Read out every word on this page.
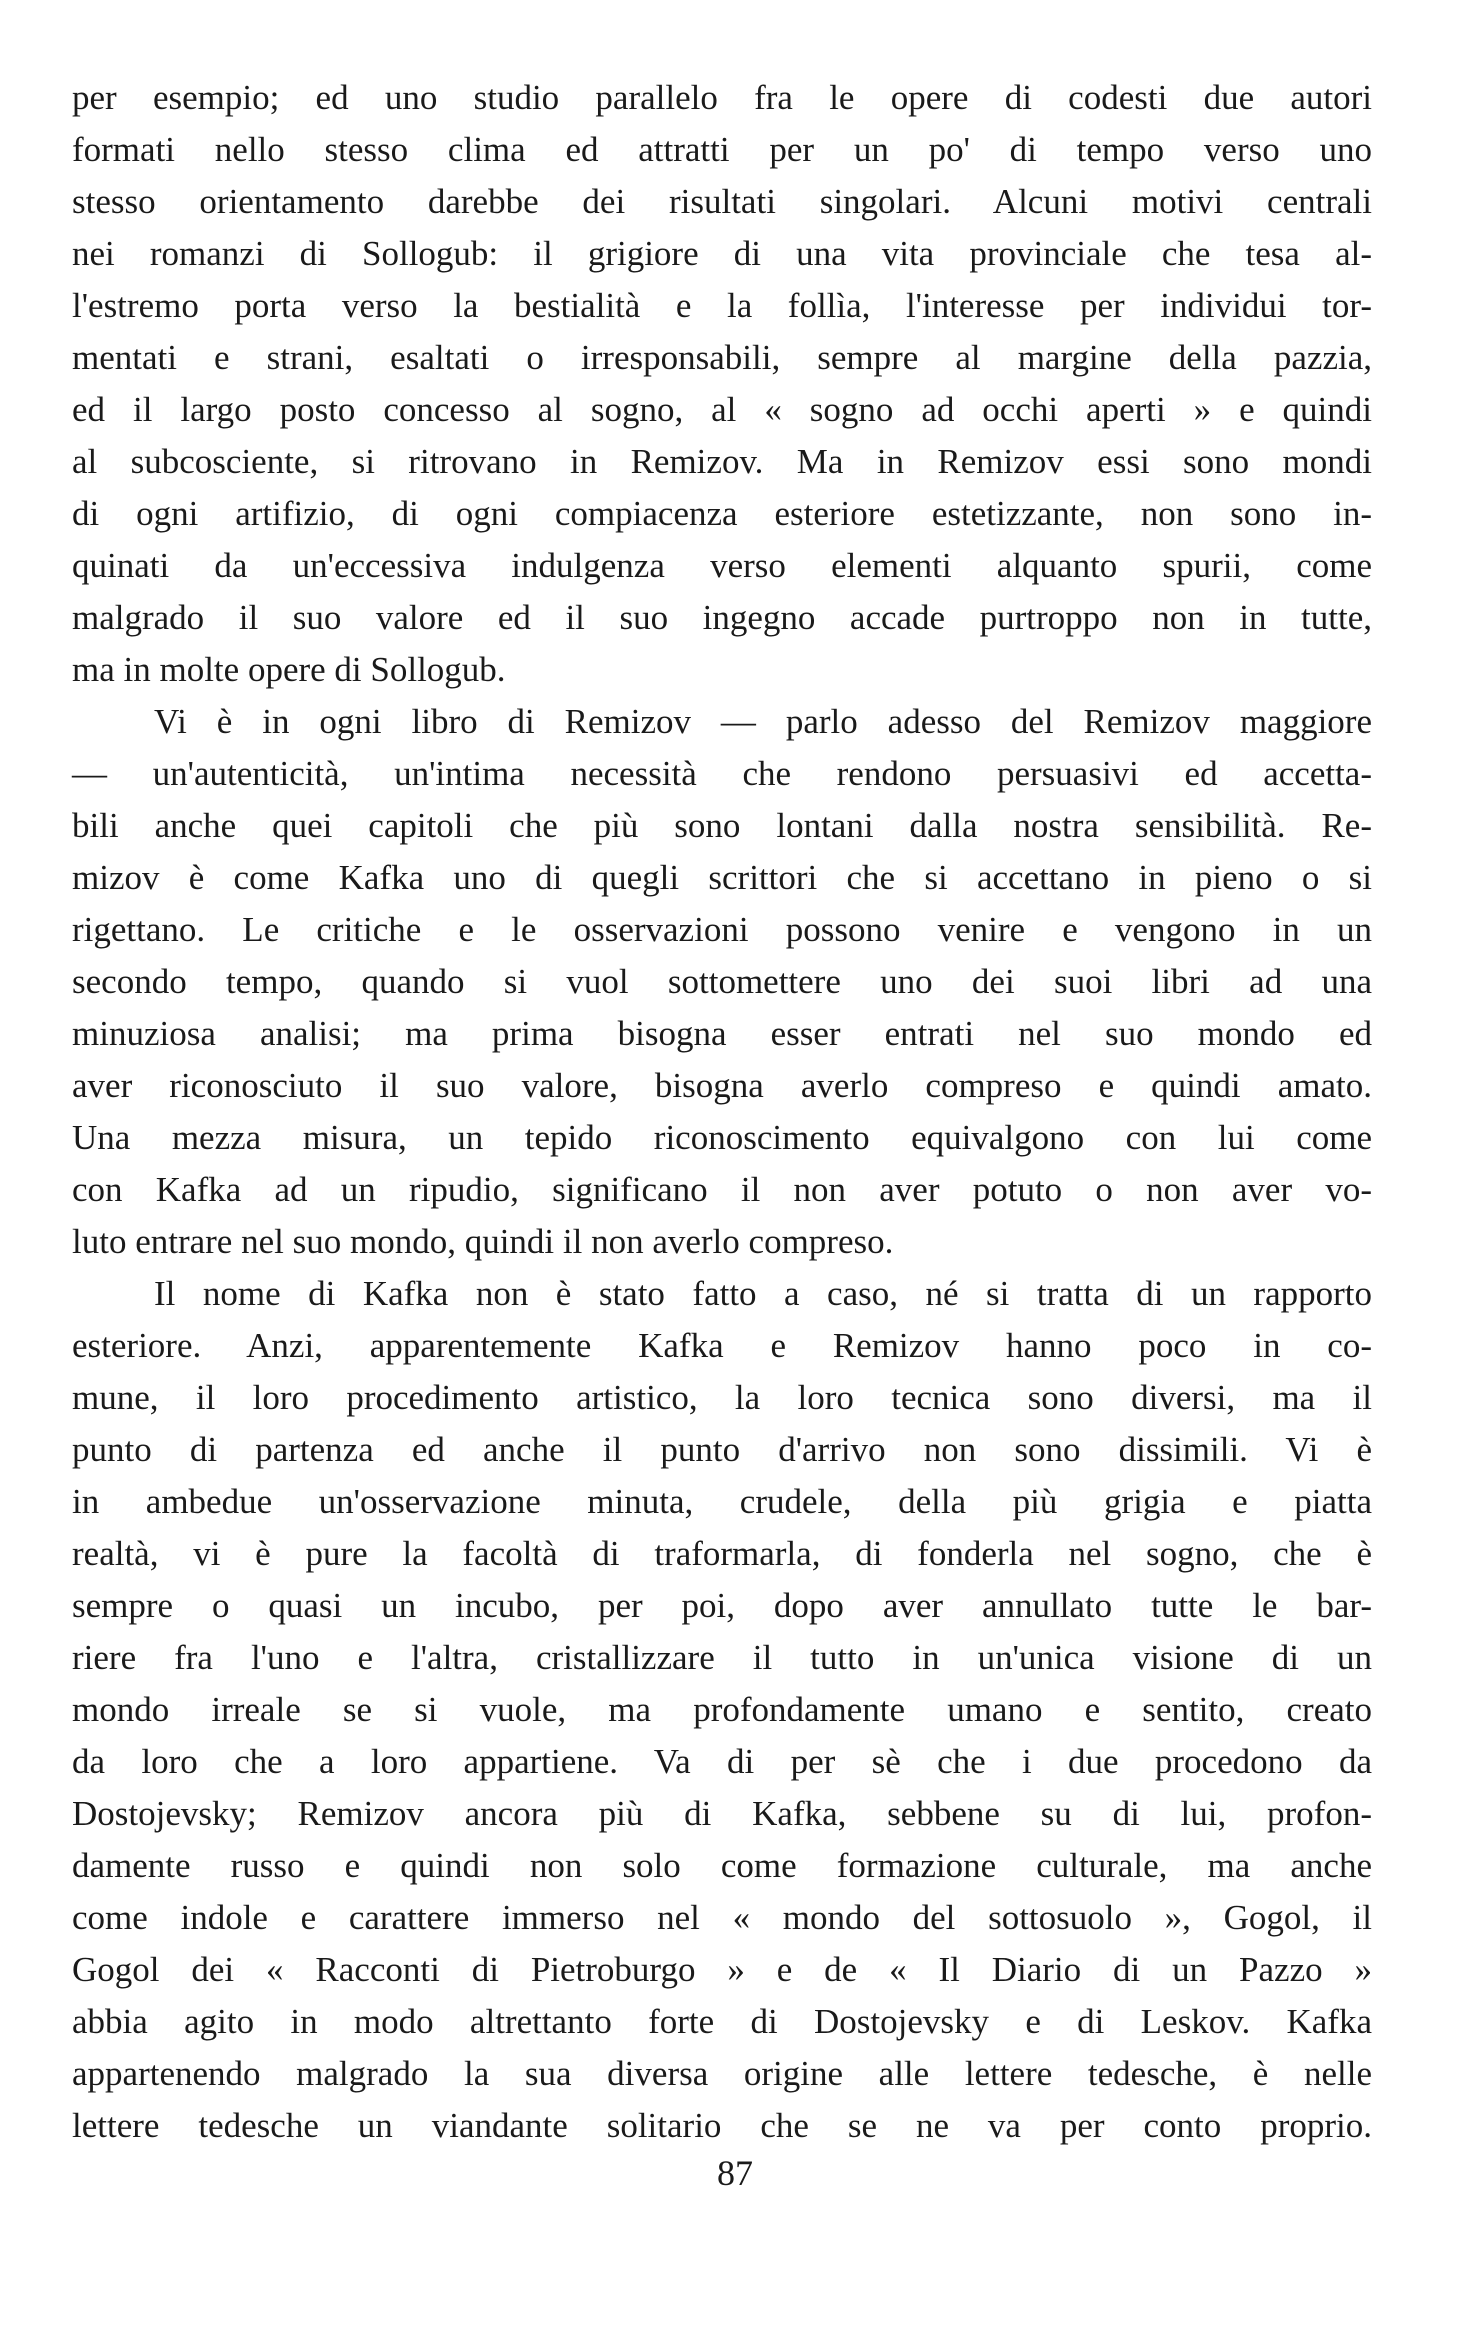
per esempio; ed uno studio parallelo fra le opere di codesti due autori
formati nello stesso clima ed attratti per un po' di tempo verso uno
stesso orientamento darebbe dei risultati singolari. Alcuni motivi centrali
nei romanzi di Sollogub: il grigiore di una vita provinciale che tesa al-
l'estremo porta verso la bestialità e la follìa, l'interesse per individui tor-
mentati e strani, esaltati o irresponsabili, sempre al margine della pazzia,
ed il largo posto concesso al sogno, al « sogno ad occhi aperti » e quindi
al subcosciente, si ritrovano in Remizov. Ma in Remizov essi sono mondi
di ogni artifizio, di ogni compiacenza esteriore estetizzante, non sono in-
quinati da un'eccessiva indulgenza verso elementi alquanto spurii, come
malgrado il suo valore ed il suo ingegno accade purtroppo non in tutte,
ma in molte opere di Sollogub.
Vi è in ogni libro di Remizov — parlo adesso del Remizov maggiore
— un'autenticità, un'intima necessità che rendono persuasivi ed accetta-
bili anche quei capitoli che più sono lontani dalla nostra sensibilità. Re-
mizov è come Kafka uno di quegli scrittori che si accettano in pieno o si
rigettano. Le critiche e le osservazioni possono venire e vengono in un
secondo tempo, quando si vuol sottomettere uno dei suoi libri ad una
minuziosa analisi; ma prima bisogna esser entrati nel suo mondo ed
aver riconosciuto il suo valore, bisogna averlo compreso e quindi amato.
Una mezza misura, un tepido riconoscimento equivalgono con lui come
con Kafka ad un ripudio, significano il non aver potuto o non aver vo-
luto entrare nel suo mondo, quindi il non averlo compreso.
Il nome di Kafka non è stato fatto a caso, né si tratta di un rapporto
esteriore. Anzi, apparentemente Kafka e Remizov hanno poco in co-
mune, il loro procedimento artistico, la loro tecnica sono diversi, ma il
punto di partenza ed anche il punto d'arrivo non sono dissimili. Vi è
in ambedue un'osservazione minuta, crudele, della più grigia e piatta
realtà, vi è pure la facoltà di traformarla, di fonderla nel sogno, che è
sempre o quasi un incubo, per poi, dopo aver annullato tutte le bar-
riere fra l'uno e l'altra, cristallizzare il tutto in un'unica visione di un
mondo irreale se si vuole, ma profondamente umano e sentito, creato
da loro che a loro appartiene. Va di per sè che i due procedono da
Dostojevsky; Remizov ancora più di Kafka, sebbene su di lui, profon-
damente russo e quindi non solo come formazione culturale, ma anche
come indole e carattere immerso nel « mondo del sottosuolo », Gogol, il
Gogol dei « Racconti di Pietroburgo » e de « Il Diario di un Pazzo »
abbia agito in modo altrettanto forte di Dostojevsky e di Leskov. Kafka
appartenendo malgrado la sua diversa origine alle lettere tedesche, è nelle
lettere tedesche un viandante solitario che se ne va per conto proprio.
87
